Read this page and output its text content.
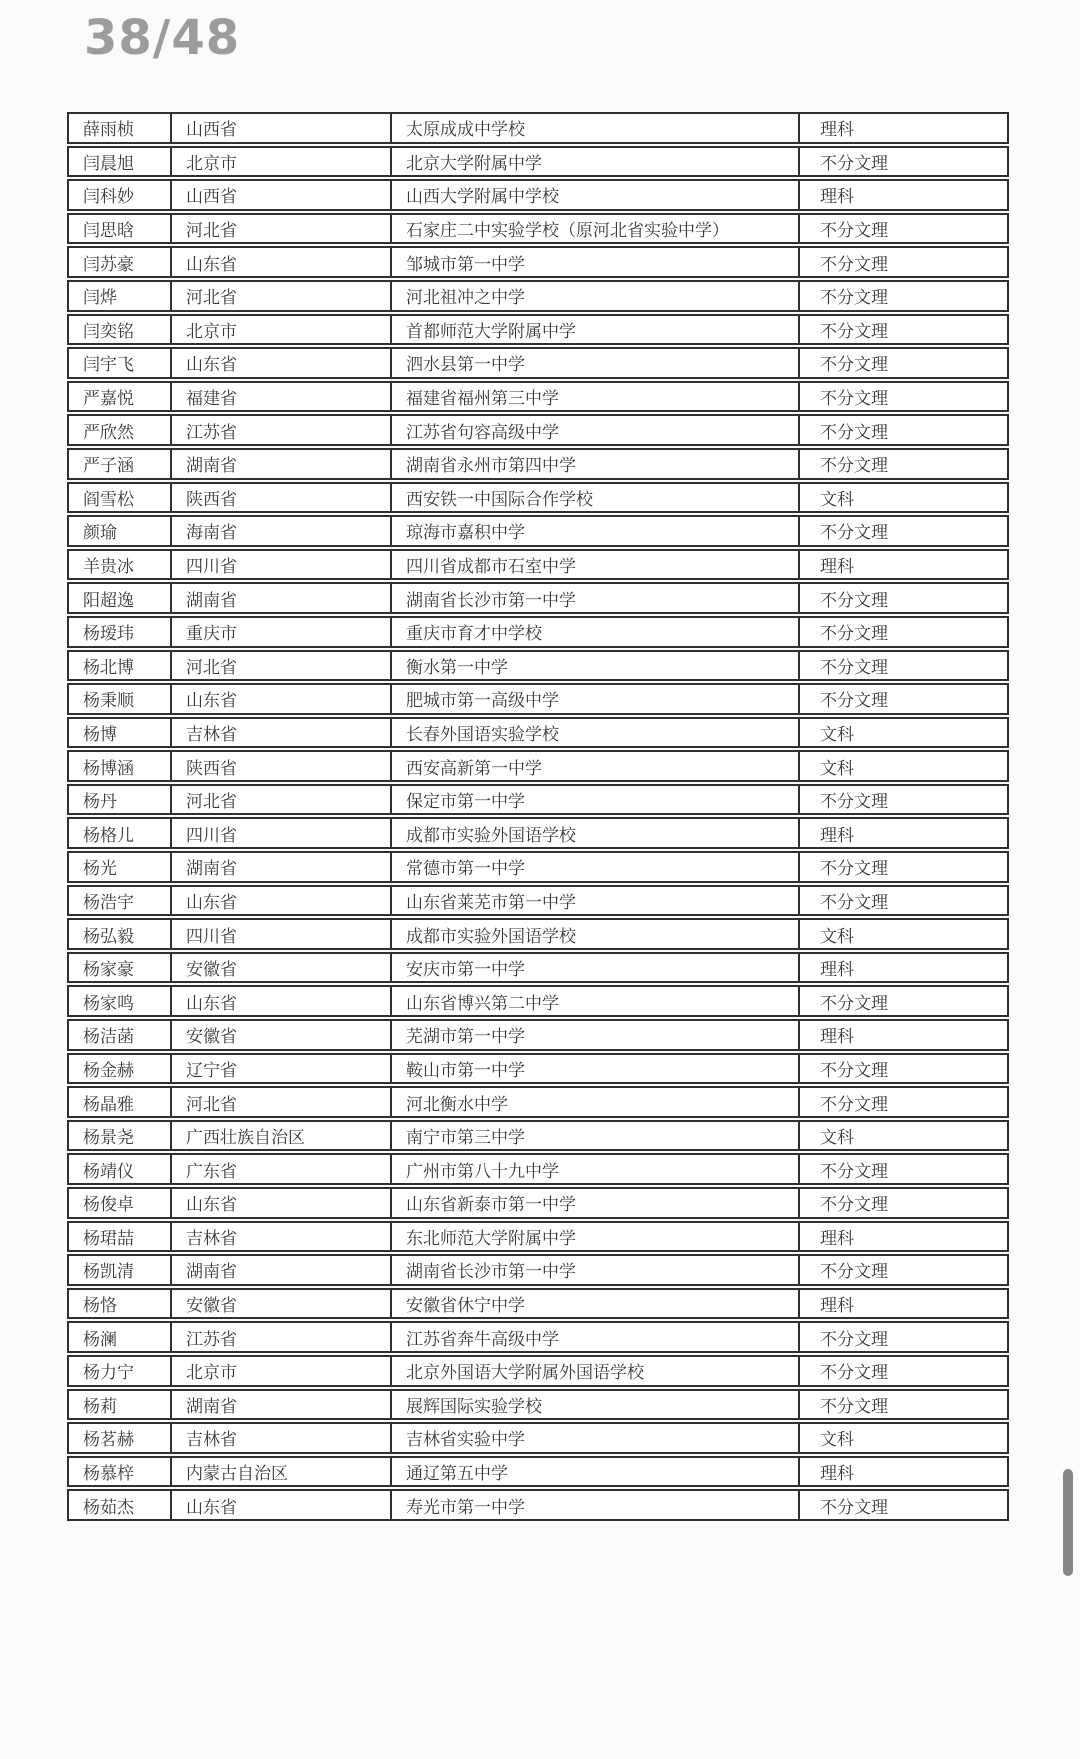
38/48
薛雨桢	山西省	太原成成中学校	理科
闫晨旭	北京市	北京大学附属中学	不分文理
闫科妙	山西省	山西大学附属中学校	理科
闫思晗	河北省	石家庄二中实验学校（原河北省实验中学）	不分文理
闫苏豪	山东省	邹城市第一中学	不分文理
闫烨	河北省	河北祖冲之中学	不分文理
闫奕铭	北京市	首都师范大学附属中学	不分文理
闫宇飞	山东省	泗水县第一中学	不分文理
严嘉悦	福建省	福建省福州第三中学	不分文理
严欣然	江苏省	江苏省句容高级中学	不分文理
严子涵	湖南省	湖南省永州市第四中学	不分文理
阎雪松	陕西省	西安铁一中国际合作学校	文科
颜瑜	海南省	琼海市嘉积中学	不分文理
羊贵冰	四川省	四川省成都市石室中学	理科
阳超逸	湖南省	湖南省长沙市第一中学	不分文理
杨瑷玮	重庆市	重庆市育才中学校	不分文理
杨北博	河北省	衡水第一中学	不分文理
杨秉顺	山东省	肥城市第一高级中学	不分文理
杨博	吉林省	长春外国语实验学校	文科
杨博涵	陕西省	西安高新第一中学	文科
杨丹	河北省	保定市第一中学	不分文理
杨格儿	四川省	成都市实验外国语学校	理科
杨光	湖南省	常德市第一中学	不分文理
杨浩宇	山东省	山东省莱芜市第一中学	不分文理
杨弘毅	四川省	成都市实验外国语学校	文科
杨家豪	安徽省	安庆市第一中学	理科
杨家鸣	山东省	山东省博兴第二中学	不分文理
杨洁菡	安徽省	芜湖市第一中学	理科
杨金赫	辽宁省	鞍山市第一中学	不分文理
杨晶雅	河北省	河北衡水中学	不分文理
杨景尧	广西壮族自治区	南宁市第三中学	文科
杨靖仪	广东省	广州市第八十九中学	不分文理
杨俊卓	山东省	山东省新泰市第一中学	不分文理
杨珺喆	吉林省	东北师范大学附属中学	理科
杨凯清	湖南省	湖南省长沙市第一中学	不分文理
杨恪	安徽省	安徽省休宁中学	理科
杨澜	江苏省	江苏省奔牛高级中学	不分文理
杨力宁	北京市	北京外国语大学附属外国语学校	不分文理
杨莉	湖南省	展辉国际实验学校	不分文理
杨茗赫	吉林省	吉林省实验中学	文科
杨慕梓	内蒙古自治区	通辽第五中学	理科
杨茹杰	山东省	寿光市第一中学	不分文理
